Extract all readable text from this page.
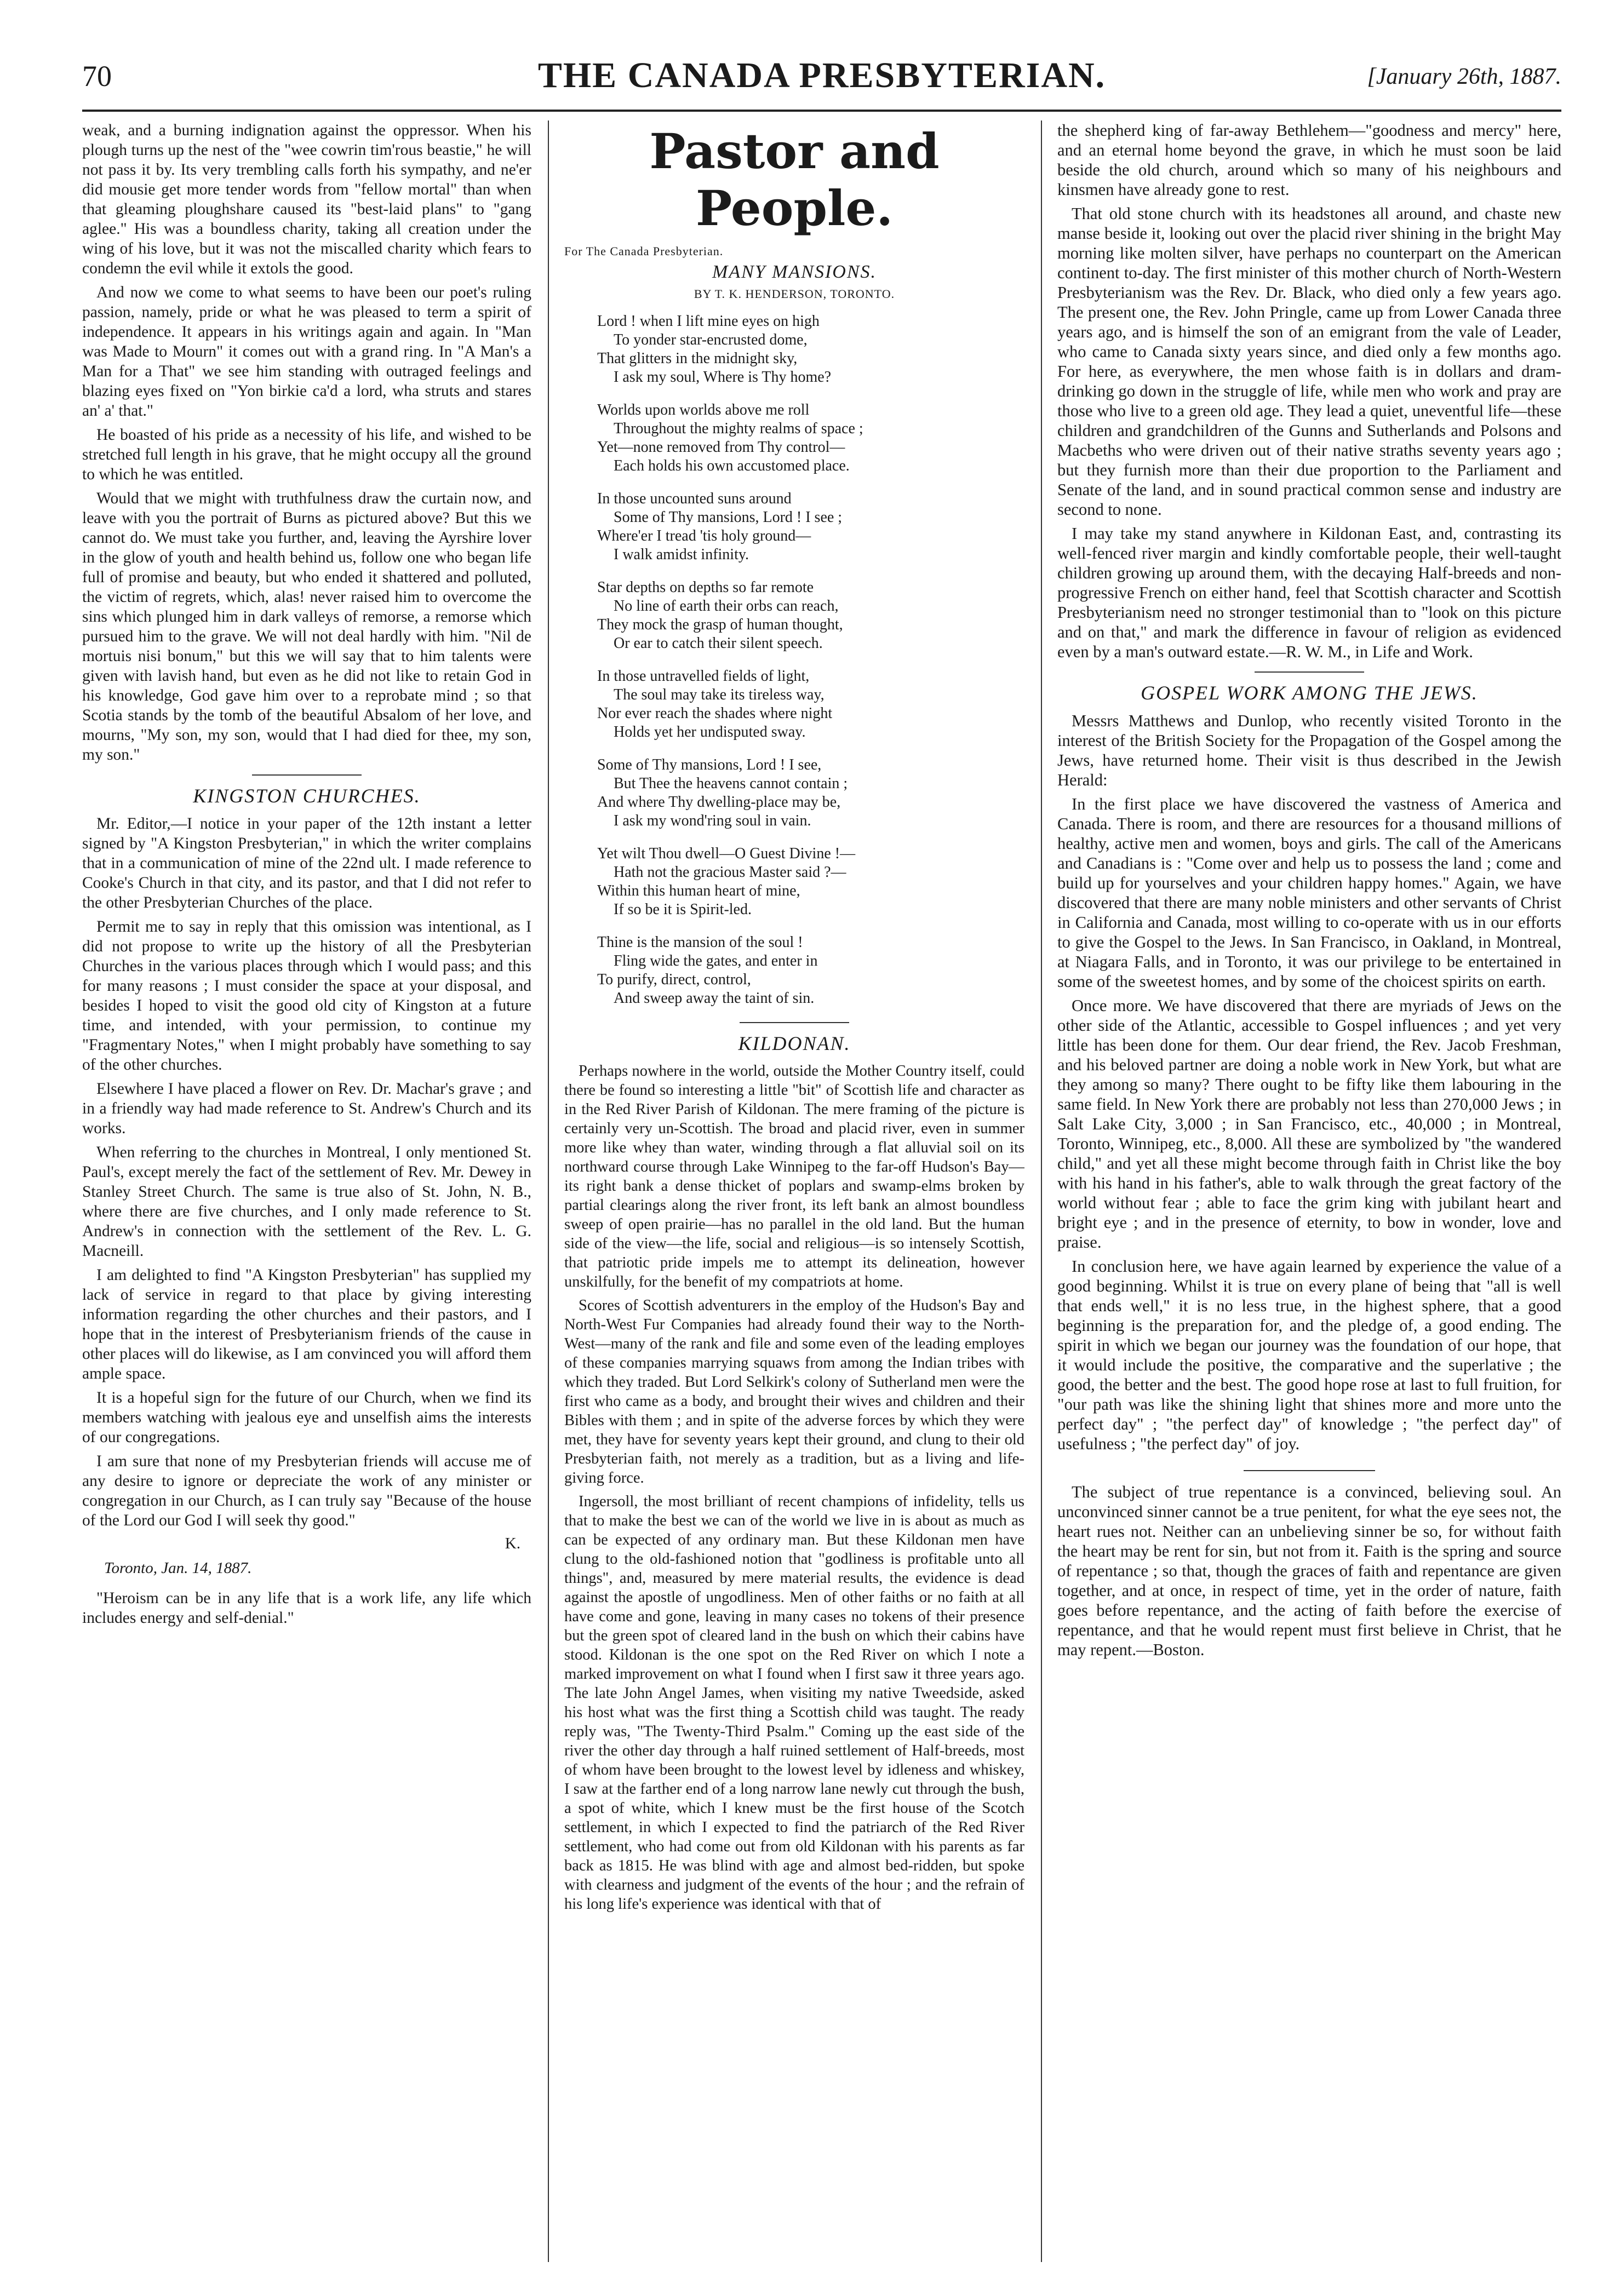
70	THE CANADA PRESBYTERIAN.	[January 26th, 1887.

weak, and a burning indignation against the oppressor. When his plough turns up the nest of the "wee cowrin tim'rous beastie," he will not pass it by. Its very trembling calls forth his sympathy, and ne'er did mousie get more tender words from "fellow mortal" than when that gleaming ploughshare caused its "best-laid plans" to "gang aglee." His was a boundless charity, taking all creation under the wing of his love, but it was not the miscalled charity which fears to condemn the evil while it extols the good.

And now we come to what seems to have been our poet's ruling passion, namely, pride or what he was pleased to term a spirit of independence. It appears in his writings again and again. In "Man was Made to Mourn" it comes out with a grand ring. In "A Man's a Man for a That" we see him standing with outraged feelings and blazing eyes fixed on "Yon birkie ca'd a lord, wha struts and stares an' a' that."

He boasted of his pride as a necessity of his life, and wished to be stretched full length in his grave, that he might occupy all the ground to which he was entitled.

Would that we might with truthfulness draw the curtain now, and leave with you the portrait of Burns as pictured above? But this we cannot do. We must take you further, and, leaving the Ayrshire lover in the glow of youth and health behind us, follow one who began life full of promise and beauty, but who ended it shattered and polluted, the victim of regrets, which, alas! never raised him to overcome the sins which plunged him in dark valleys of remorse, a remorse which pursued him to the grave. We will not deal hardly with him. "Nil de mortuis nisi bonum," but this we will say that to him talents were given with lavish hand, but even as he did not like to retain God in his knowledge, God gave him over to a reprobate mind ; so that Scotia stands by the tomb of the beautiful Absalom of her love, and mourns, "My son, my son, would that I had died for thee, my son, my son."

KINGSTON CHURCHES.

Mr. Editor,—I notice in your paper of the 12th instant a letter signed by "A Kingston Presbyterian," in which the writer complains that in a communication of mine of the 22nd ult. I made reference to Cooke's Church in that city, and its pastor, and that I did not refer to the other Presbyterian Churches of the place.

Permit me to say in reply that this omission was intentional, as I did not propose to write up the history of all the Presbyterian Churches in the various places through which I would pass; and this for many reasons ; I must consider the space at your disposal, and besides I hoped to visit the good old city of Kingston at a future time, and intended, with your permission, to continue my "Fragmentary Notes," when I might probably have something to say of the other churches.

Elsewhere I have placed a flower on Rev. Dr. Machar's grave ; and in a friendly way had made reference to St. Andrew's Church and its works.

When referring to the churches in Montreal, I only mentioned St. Paul's, except merely the fact of the settlement of Rev. Mr. Dewey in Stanley Street Church. The same is true also of St. John, N. B., where there are five churches, and I only made reference to St. Andrew's in connection with the settlement of the Rev. L. G. Macneill.

I am delighted to find "A Kingston Presbyterian" has supplied my lack of service in regard to that place by giving interesting information regarding the other churches and their pastors, and I hope that in the interest of Presbyterianism friends of the cause in other places will do likewise, as I am convinced you will afford them ample space.

It is a hopeful sign for the future of our Church, when we find its members watching with jealous eye and unselfish aims the interests of our congregations.

I am sure that none of my Presbyterian friends will accuse me of any desire to ignore or depreciate the work of any minister or congregation in our Church, as I can truly say "Because of the house of the Lord our God I will seek thy good."

K.
Toronto, Jan. 14, 1887.

"Heroism can be in any life that is a work life, any life which includes energy and self-denial."

Pastor and People.
For The Canada Presbyterian.
MANY MANSIONS.
BY T. K. HENDERSON, TORONTO.
Lord ! when I lift mine eyes on high
To yonder star-encrusted dome,
That glitters in the midnight sky,
I ask my soul, Where is Thy home?
Worlds upon worlds above me roll
Throughout the mighty realms of space ;
Yet—none removed from Thy control—
Each holds his own accustomed place.
In those uncounted suns around
Some of Thy mansions, Lord ! I see ;
Where'er I tread 'tis holy ground—
I walk amidst infinity.
Star depths on depths so far remote
No line of earth their orbs can reach,
They mock the grasp of human thought,
Or ear to catch their silent speech.
In those untravelled fields of light,
The soul may take its tireless way,
Nor ever reach the shades where night
Holds yet her undisputed sway.
Some of Thy mansions, Lord ! I see,
But Thee the heavens cannot contain ;
And where Thy dwelling-place may be,
I ask my wond'ring soul in vain.
Yet wilt Thou dwell—O Guest Divine !—
Hath not the gracious Master said ?—
Within this human heart of mine,
If so be it is Spirit-led.
Thine is the mansion of the soul !
Fling wide the gates, and enter in
To purify, direct, control,
And sweep away the taint of sin.
KILDONAN.

Perhaps nowhere in the world, outside the Mother Country itself, could there be found so interesting a little "bit" of Scottish life and character as in the Red River Parish of Kildonan. The mere framing of the picture is certainly very un-Scottish. The broad and placid river, even in summer more like whey than water, winding through a flat alluvial soil on its northward course through Lake Winnipeg to the far-off Hudson's Bay—its right bank a dense thicket of poplars and swamp-elms broken by partial clearings along the river front, its left bank an almost boundless sweep of open prairie—has no parallel in the old land. But the human side of the view—the life, social and religious—is so intensely Scottish, that patriotic pride impels me to attempt its delineation, however unskilfully, for the benefit of my compatriots at home.

Scores of Scottish adventurers in the employ of the Hudson's Bay and North-West Fur Companies had already found their way to the North-West—many of the rank and file and some even of the leading employes of these companies marrying squaws from among the Indian tribes with which they traded. But Lord Selkirk's colony of Sutherland men were the first who came as a body, and brought their wives and children and their Bibles with them ; and in spite of the adverse forces by which they were met, they have for seventy years kept their ground, and clung to their old Presbyterian faith, not merely as a tradition, but as a living and life-giving force.

Ingersoll, the most brilliant of recent champions of infidelity, tells us that to make the best we can of the world we live in is about as much as can be expected of any ordinary man. But these Kildonan men have clung to the old-fashioned notion that "godliness is profitable unto all things", and, measured by mere material results, the evidence is dead against the apostle of ungodliness. Men of other faiths or no faith at all have come and gone, leaving in many cases no tokens of their presence but the green spot of cleared land in the bush on which their cabins have stood. Kildonan is the one spot on the Red River on which I note a marked improvement on what I found when I first saw it three years ago. The late John Angel James, when visiting my native Tweedside, asked his host what was the first thing a Scottish child was taught. The ready reply was, "The Twenty-Third Psalm." Coming up the east side of the river the other day through a half ruined settlement of Half-breeds, most of whom have been brought to the lowest level by idleness and whiskey, I saw at the farther end of a long narrow lane newly cut through the bush, a spot of white, which I knew must be the first house of the Scotch settlement, in which I expected to find the patriarch of the Red River settlement, who had come out from old Kildonan with his parents as far back as 1815. He was blind with age and almost bed-ridden, but spoke with clearness and judgment of the events of the hour ; and the refrain of his long life's experience was identical with that of

the shepherd king of far-away Bethlehem—"goodness and mercy" here, and an eternal home beyond the grave, in which he must soon be laid beside the old church, around which so many of his neighbours and kinsmen have already gone to rest.

That old stone church with its headstones all around, and chaste new manse beside it, looking out over the placid river shining in the bright May morning like molten silver, have perhaps no counterpart on the American continent to-day. The first minister of this mother church of North-Western Presbyterianism was the Rev. Dr. Black, who died only a few years ago. The present one, the Rev. John Pringle, came up from Lower Canada three years ago, and is himself the son of an emigrant from the vale of Leader, who came to Canada sixty years since, and died only a few months ago. For here, as everywhere, the men whose faith is in dollars and dram-drinking go down in the struggle of life, while men who work and pray are those who live to a green old age. They lead a quiet, uneventful life—these children and grandchildren of the Gunns and Sutherlands and Polsons and Macbeths who were driven out of their native straths seventy years ago ; but they furnish more than their due proportion to the Parliament and Senate of the land, and in sound practical common sense and industry are second to none.

I may take my stand anywhere in Kildonan East, and, contrasting its well-fenced river margin and kindly comfortable people, their well-taught children growing up around them, with the decaying Half-breeds and non-progressive French on either hand, feel that Scottish character and Scottish Presbyterianism need no stronger testimonial than to "look on this picture and on that," and mark the difference in favour of religion as evidenced even by a man's outward estate.—R. W. M., in Life and Work.

GOSPEL WORK AMONG THE JEWS.

Messrs Matthews and Dunlop, who recently visited Toronto in the interest of the British Society for the Propagation of the Gospel among the Jews, have returned home. Their visit is thus described in the Jewish Herald:

In the first place we have discovered the vastness of America and Canada. There is room, and there are resources for a thousand millions of healthy, active men and women, boys and girls. The call of the Americans and Canadians is : "Come over and help us to possess the land ; come and build up for yourselves and your children happy homes." Again, we have discovered that there are many noble ministers and other servants of Christ in California and Canada, most willing to co-operate with us in our efforts to give the Gospel to the Jews. In San Francisco, in Oakland, in Montreal, at Niagara Falls, and in Toronto, it was our privilege to be entertained in some of the sweetest homes, and by some of the choicest spirits on earth.

Once more. We have discovered that there are myriads of Jews on the other side of the Atlantic, accessible to Gospel influences ; and yet very little has been done for them. Our dear friend, the Rev. Jacob Freshman, and his beloved partner are doing a noble work in New York, but what are they among so many? There ought to be fifty like them labouring in the same field. In New York there are probably not less than 270,000 Jews ; in Salt Lake City, 3,000 ; in San Francisco, etc., 40,000 ; in Montreal, Toronto, Winnipeg, etc., 8,000. All these are symbolized by "the wandered child," and yet all these might become through faith in Christ like the boy with his hand in his father's, able to walk through the great factory of the world without fear ; able to face the grim king with jubilant heart and bright eye ; and in the presence of eternity, to bow in wonder, love and praise.

In conclusion here, we have again learned by experience the value of a good beginning. Whilst it is true on every plane of being that "all is well that ends well," it is no less true, in the highest sphere, that a good beginning is the preparation for, and the pledge of, a good ending. The spirit in which we began our journey was the foundation of our hope, that it would include the positive, the comparative and the superlative ; the good, the better and the best. The good hope rose at last to full fruition, for "our path was like the shining light that shines more and more unto the perfect day" ; "the perfect day" of knowledge ; "the perfect day" of usefulness ; "the perfect day" of joy.

The subject of true repentance is a convinced, believing soul. An unconvinced sinner cannot be a true penitent, for what the eye sees not, the heart rues not. Neither can an unbelieving sinner be so, for without faith the heart may be rent for sin, but not from it. Faith is the spring and source of repentance ; so that, though the graces of faith and repentance are given together, and at once, in respect of time, yet in the order of nature, faith goes before repentance, and the acting of faith before the exercise of repentance, and that he would repent must first believe in Christ, that he may repent.—Boston.
